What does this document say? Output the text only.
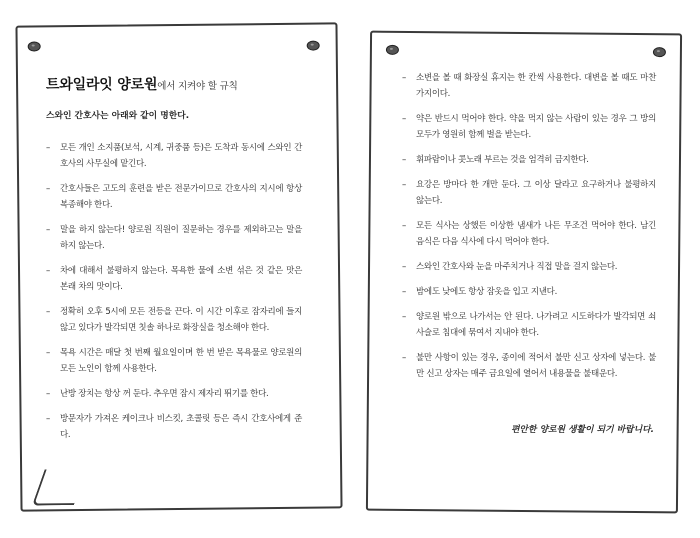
트와일라잇 양로원에서 지켜야 할 규칙
스와인 간호사는 아래와 같이 명한다.
– 모든 개인 소지품(보석, 시계, 귀중품 등)은 도착과 동시에 스와인 간호사의 사무실에 맡긴다.
– 간호사들은 고도의 훈련을 받은 전문가이므로 간호사의 지시에 항상 복종해야 한다.
– 말을 하지 않는다! 양로원 직원이 질문하는 경우를 제외하고는 말을 하지 않는다.
– 차에 대해서 불평하지 않는다. 목욕한 물에 소변 섞은 것 같은 맛은 본래 차의 맛이다.
– 정확히 오후 5시에 모든 전등을 끈다. 이 시간 이후로 잠자리에 들지 않고 있다가 발각되면 칫솔 하나로 화장실을 청소해야 한다.
– 목욕 시간은 매달 첫 번째 월요일이며 한 번 받은 목욕물로 양로원의 모든 노인이 함께 사용한다.
– 난방 장치는 항상 꺼 둔다. 추우면 잠시 제자리 뛰기를 한다.
– 방문자가 가져온 케이크나 비스킷, 초콜릿 등은 즉시 간호사에게 준다.
– 소변을 볼 때 화장실 휴지는 한 칸씩 사용한다. 대변을 볼 때도 마찬가지이다.
– 약은 반드시 먹어야 한다. 약을 먹지 않는 사람이 있는 경우 그 방의 모두가 영원히 함께 벌을 받는다.
– 휘파람이나 콧노래 부르는 것을 엄격히 금지한다.
– 요강은 방마다 한 개만 둔다. 그 이상 달라고 요구하거나 불평하지 않는다.
– 모든 식사는 상했든 이상한 냄새가 나든 무조건 먹어야 한다. 남긴 음식은 다음 식사에 다시 먹어야 한다.
– 스와인 간호사와 눈을 마주치거나 직접 말을 걸지 않는다.
– 밤에도 낮에도 항상 잠옷을 입고 지낸다.
– 양로원 밖으로 나가서는 안 된다. 나가려고 시도하다가 발각되면 쇠사슬로 침대에 묶여서 지내야 한다.
– 불만 사항이 있는 경우, 종이에 적어서 불만 신고 상자에 넣는다. 불만 신고 상자는 매주 금요일에 열어서 내용물을 불태운다.
편안한 양로원 생활이 되기 바랍니다.
